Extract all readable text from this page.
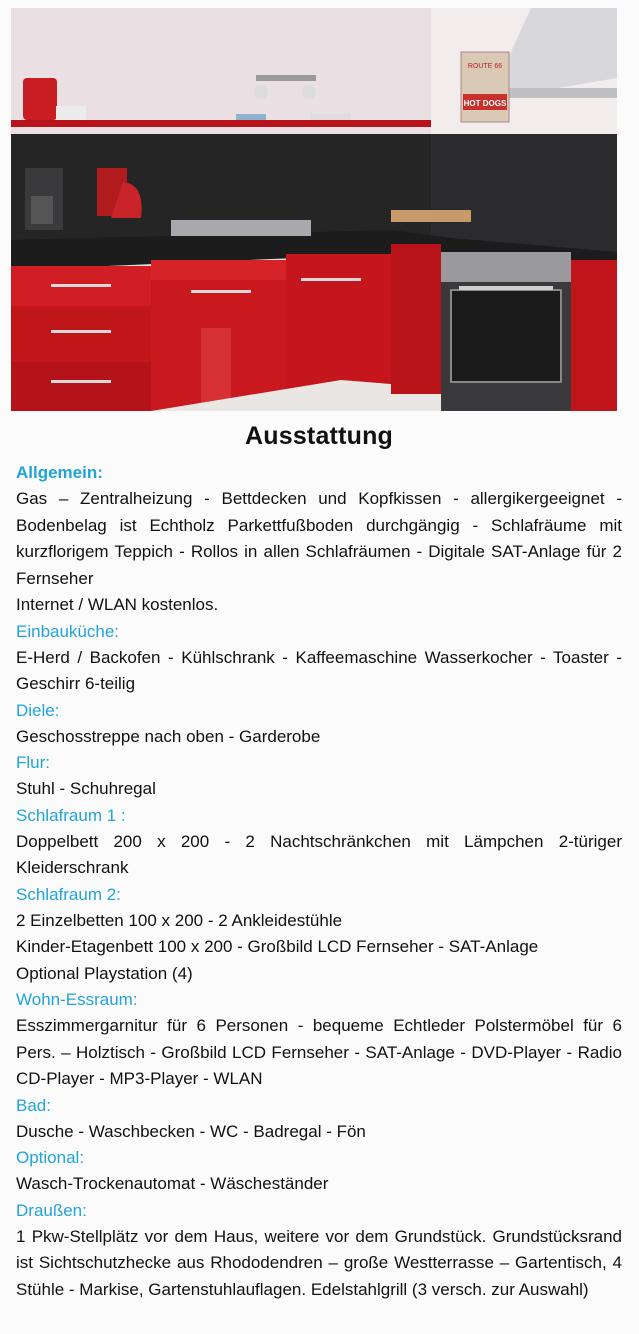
ROUTE 66
HOT DOGS
Ausstattung
Allgemein:
Gas – Zentralheizung - Bettdecken und Kopfkissen - allergikergeeignet - Bodenbelag ist Echtholz Parkettfußboden durchgängig - Schlafräume mit kurzflorigem Teppich - Rollos in allen Schlafräumen - Digitale SAT-Anlage für 2 Fernseher
Internet / WLAN kostenlos.
Einbauküche:
E-Herd / Backofen - Kühlschrank - Kaffeemaschine Wasserkocher - Toaster - Geschirr 6-teilig
Diele:
Geschosstreppe nach oben - Garderobe
Flur:
Stuhl - Schuhregal
Schlafraum 1 :
Doppelbett 200 x 200 - 2 Nachtschränkchen mit Lämpchen 2-türiger Kleiderschrank
Schlafraum 2:
2 Einzelbetten 100 x 200 - 2 Ankleidestühle
Kinder-Etagenbett 100 x 200 - Großbild LCD Fernseher - SAT-Anlage
Optional Playstation (4)
Wohn-Essraum:
Esszimmergarnitur für 6 Personen - bequeme Echtleder Polstermöbel für 6 Pers. – Holztisch - Großbild LCD Fernseher - SAT-Anlage - DVD-Player - Radio CD-Player - MP3-Player - WLAN
Bad:
Dusche - Waschbecken - WC - Badregal - Fön
Optional:
Wasch-Trockenautomat - Wäscheständer
Draußen:
1 Pkw-Stellplätz vor dem Haus, weitere vor dem Grundstück. Grundstücksrand ist Sichtschutzhecke aus Rhododendren – große Westterrasse – Gartentisch, 4 Stühle - Markise, Gartenstuhlauflagen. Edelstahlgrill (3 versch. zur Auswahl)
